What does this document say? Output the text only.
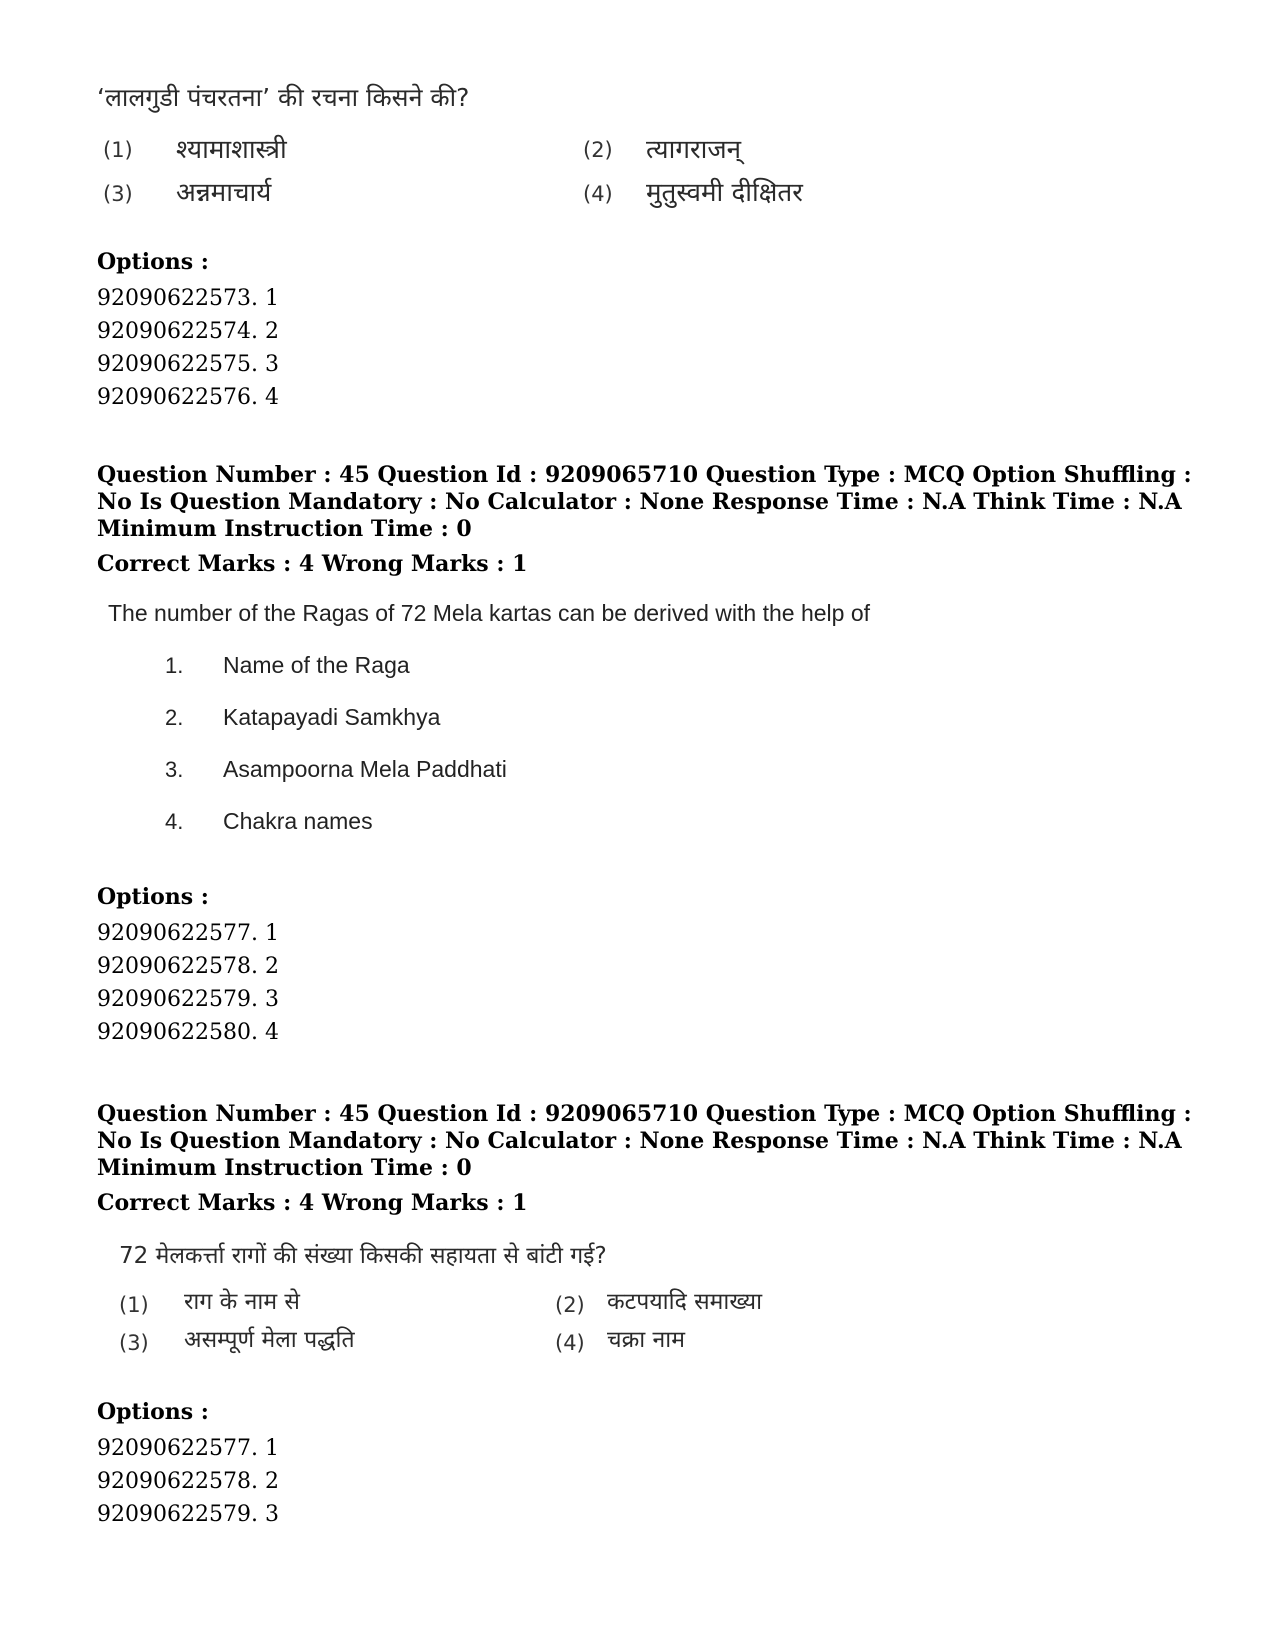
‘लालगुडी पंचरतना’ की रचना किसने की?
(1) श्यामाशास्त्री	(2) त्यागराजन्
(3) अन्नमाचार्य	(4) मुतुस्वमी दीक्षितर
Options :
92090622573. 1
92090622574. 2
92090622575. 3
92090622576. 4
Question Number : 45 Question Id : 9209065710 Question Type : MCQ Option Shuffling : No Is Question Mandatory : No Calculator : None Response Time : N.A Think Time : N.A Minimum Instruction Time : 0
Correct Marks : 4 Wrong Marks : 1
The number of the Ragas of 72 Mela kartas can be derived with the help of
1. Name of the Raga
2. Katapayadi Samkhya
3. Asampoorna Mela Paddhati
4. Chakra names
Options :
92090622577. 1
92090622578. 2
92090622579. 3
92090622580. 4
Question Number : 45 Question Id : 9209065710 Question Type : MCQ Option Shuffling : No Is Question Mandatory : No Calculator : None Response Time : N.A Think Time : N.A Minimum Instruction Time : 0
Correct Marks : 4 Wrong Marks : 1
72 मेलकर्त्ता रागों की संख्या किसकी सहायता से बांटी गई?
(1) राग के नाम से	(2) कटपयादि समाख्या
(3) असम्पूर्ण मेला पद्धति	(4) चक्रा नाम
Options :
92090622577. 1
92090622578. 2
92090622579. 3
